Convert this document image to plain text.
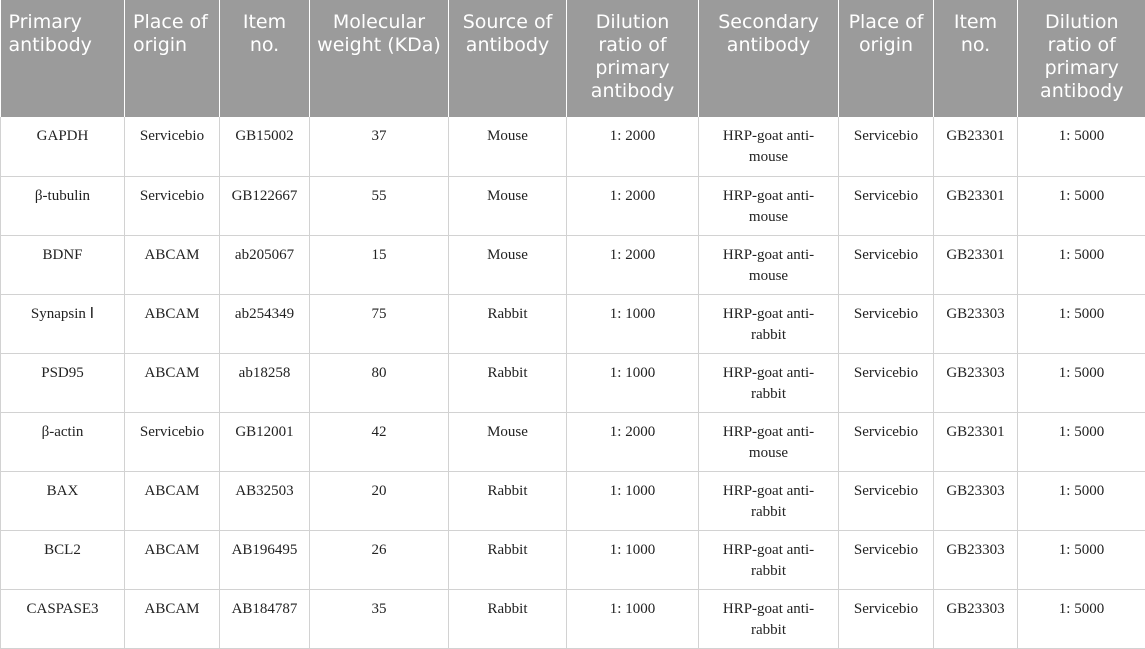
Primary antibody	Place of origin	Item no.	Molecular weight (KDa)	Source of antibody	Dilution ratio of primary antibody	Secondary antibody	Place of origin	Item no.	Dilution ratio of primary antibody
GAPDH	Servicebio	GB15002	37	Mouse	1: 2000	HRP-goat anti-mouse	Servicebio	GB23301	1: 5000
β-tubulin	Servicebio	GB122667	55	Mouse	1: 2000	HRP-goat anti-mouse	Servicebio	GB23301	1: 5000
BDNF	ABCAM	ab205067	15	Mouse	1: 2000	HRP-goat anti-mouse	Servicebio	GB23301	1: 5000
Synapsin Ⅰ	ABCAM	ab254349	75	Rabbit	1: 1000	HRP-goat anti-rabbit	Servicebio	GB23303	1: 5000
PSD95	ABCAM	ab18258	80	Rabbit	1: 1000	HRP-goat anti-rabbit	Servicebio	GB23303	1: 5000
β-actin	Servicebio	GB12001	42	Mouse	1: 2000	HRP-goat anti-mouse	Servicebio	GB23301	1: 5000
BAX	ABCAM	AB32503	20	Rabbit	1: 1000	HRP-goat anti-rabbit	Servicebio	GB23303	1: 5000
BCL2	ABCAM	AB196495	26	Rabbit	1: 1000	HRP-goat anti-rabbit	Servicebio	GB23303	1: 5000
CASPASE3	ABCAM	AB184787	35	Rabbit	1: 1000	HRP-goat anti-rabbit	Servicebio	GB23303	1: 5000
